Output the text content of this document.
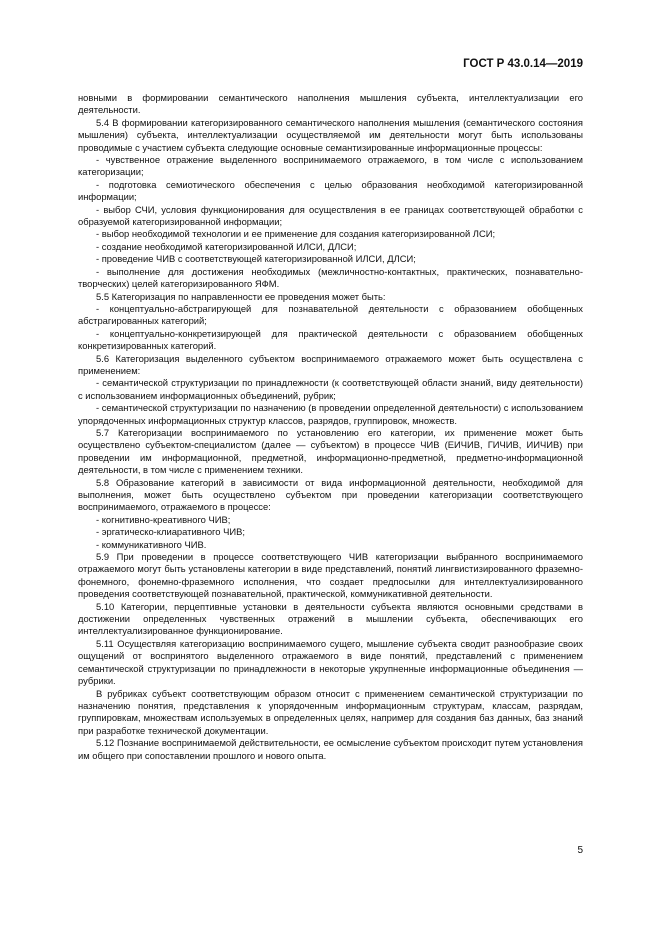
ГОСТ Р 43.0.14—2019

новными в формировании семантического наполнения мышления субъекта, интеллектуализации его деятельности.

5.4 В формировании категоризированного семантического наполнения мышления (семантического состояния мышления) субъекта, интеллектуализации осуществляемой им деятельности могут быть использованы проводимые с участием субъекта следующие основные семантизированные информационные процессы:

- чувственное отражение выделенного воспринимаемого отражаемого, в том числе с использованием категоризации;

- подготовка семиотического обеспечения с целью образования необходимой категоризированной информации;

- выбор СЧИ, условия функционирования для осуществления в ее границах соответствующей обработки с образуемой категоризированной информации;

- выбор необходимой технологии и ее применение для создания категоризированной ЛСИ;

- создание необходимой категоризированной ИЛСИ, ДЛСИ;

- проведение ЧИВ с соответствующей категоризированной ИЛСИ, ДЛСИ;

- выполнение для достижения необходимых (межличностно-контактных, практических, познавательно-творческих) целей категоризированного ЯФМ.

5.5 Категоризация по направленности ее проведения может быть:

- концептуально-абстрагирующей для познавательной деятельности с образованием обобщенных абстрагированных категорий;

- концептуально-конкретизирующей для практической деятельности с образованием обобщенных конкретизированных категорий.

5.6 Категоризация выделенного субъектом воспринимаемого отражаемого может быть осуществлена с применением:

- семантической структуризации по принадлежности (к соответствующей области знаний, виду деятельности) с использованием информационных объединений, рубрик;

- семантической структуризации по назначению (в проведении определенной деятельности) с использованием упорядоченных информационных структур классов, разрядов, группировок, множеств.

5.7 Категоризации воспринимаемого по установлению его категории, их применение может быть осуществлено субъектом-специалистом (далее — субъектом) в процессе ЧИВ (ЕИЧИВ, ГИЧИВ, ИИЧИВ) при проведении им информационной, предметной, информационно-предметной, предметно-информационной деятельности, в том числе с применением техники.

5.8 Образование категорий в зависимости от вида информационной деятельности, необходимой для выполнения, может быть осуществлено субъектом при проведении категоризации соответствующего воспринимаемого, отражаемого в процессе:

- когнитивно-креативного ЧИВ;

- эргатическо-клиаративного ЧИВ;

- коммуникативного ЧИВ.

5.9 При проведении в процессе соответствующего ЧИВ категоризации выбранного воспринимаемого отражаемого могут быть установлены категории в виде представлений, понятий лингвистизированного фраземно-фонемного, фонемно-фраземного исполнения, что создает предпосылки для интеллектуализированного проведения соответствующей познавательной, практической, коммуникативной деятельности.

5.10 Категории, перцептивные установки в деятельности субъекта являются основными средствами в достижении определенных чувственных отражений в мышлении субъекта, обеспечивающих его интеллектуализированное функционирование.

5.11 Осуществляя категоризацию воспринимаемого сущего, мышление субъекта сводит разнообразие своих ощущений от воспринятого выделенного отражаемого в виде понятий, представлений с применением семантической структуризации по принадлежности в некоторые укрупненные информационные объединения — рубрики.

В рубриках субъект соответствующим образом относит с применением семантической структуризации по назначению понятия, представления к упорядоченным информационным структурам, классам, разрядам, группировкам, множествам используемых в определенных целях, например для создания баз данных, баз знаний при разработке технической документации.

5.12 Познание воспринимаемой действительности, ее осмысление субъектом происходит путем установления им общего при сопоставлении прошлого и нового опыта.

5
